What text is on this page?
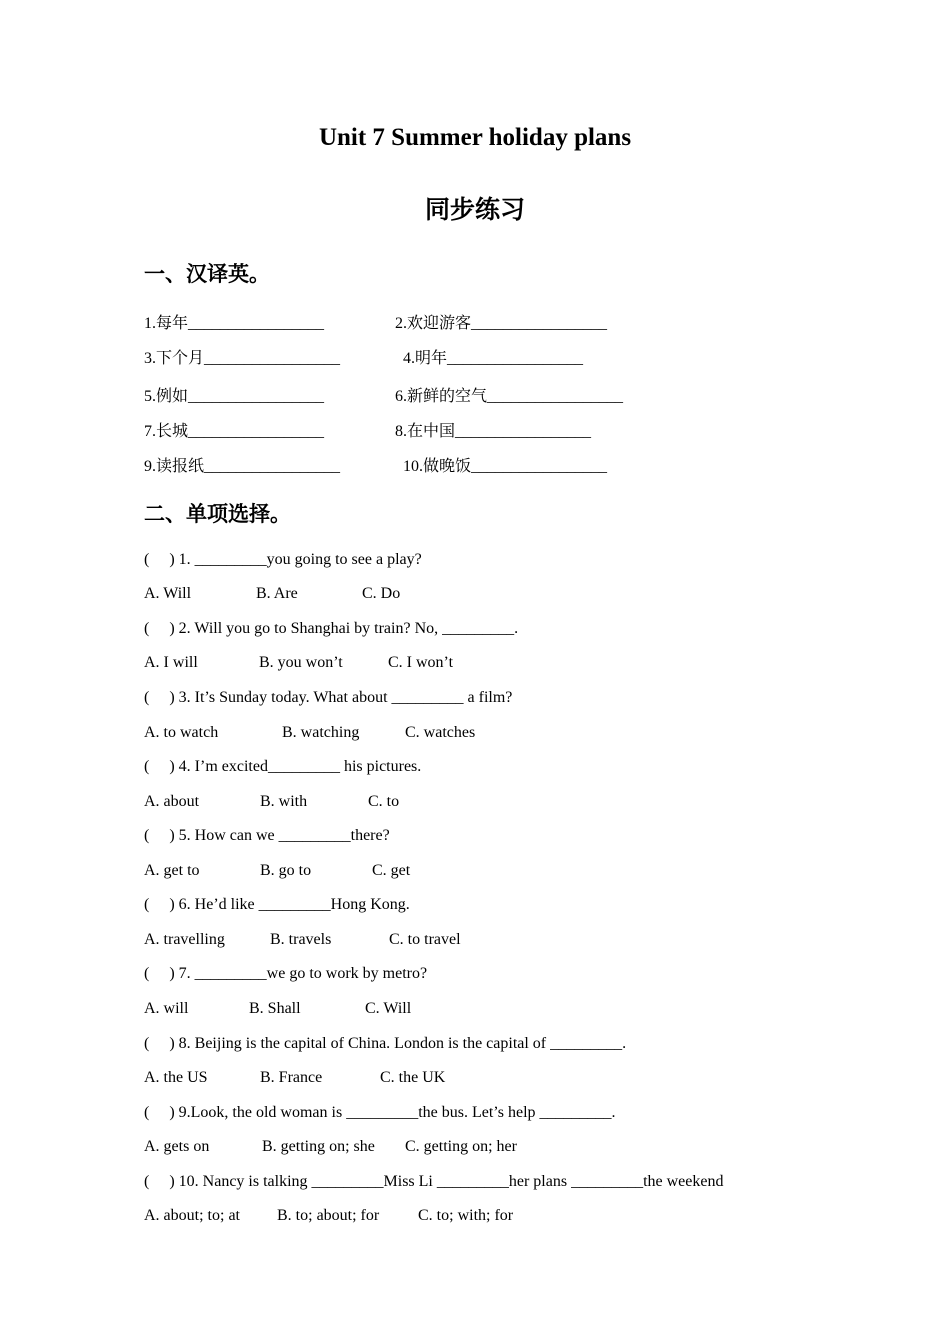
Unit 7 Summer holiday plans
同步练习
一、汉译英。
1.每年_________________	2.欢迎游客_________________
3.下个月_________________	4.明年_________________
5.例如_________________	6.新鲜的空气_________________
7.长城_________________	8.在中国_________________
9.读报纸_________________	10.做晚饭_________________
二、单项选择。
(     ) 1. _________you going to see a play?
A. Will	B. Are	C. Do
(     ) 2. Will you go to Shanghai by train? No, _________.
A. I will	B. you won’t	C. I won’t
(     ) 3. It’s Sunday today. What about _________ a film?
A. to watch	B. watching	C. watches
(     ) 4. I’m excited_________ his pictures.
A. about	B. with	C. to
(     ) 5. How can we _________there?
A. get to	B. go to	C. get
(     ) 6. He’d like _________Hong Kong.
A. travelling	B. travels	C. to travel
(     ) 7. _________we go to work by metro?
A. will	B. Shall	C. Will
(     ) 8. Beijing is the capital of China. London is the capital of _________.
A. the US	B. France	C. the UK
(     ) 9.Look, the old woman is _________the bus. Let’s help _________.
A. gets on	B. getting on; she C. getting on; her
(     ) 10. Nancy is talking _________Miss Li _________her plans _________the weekend
A. about; to; at B. to; about; for C. to; with; for
